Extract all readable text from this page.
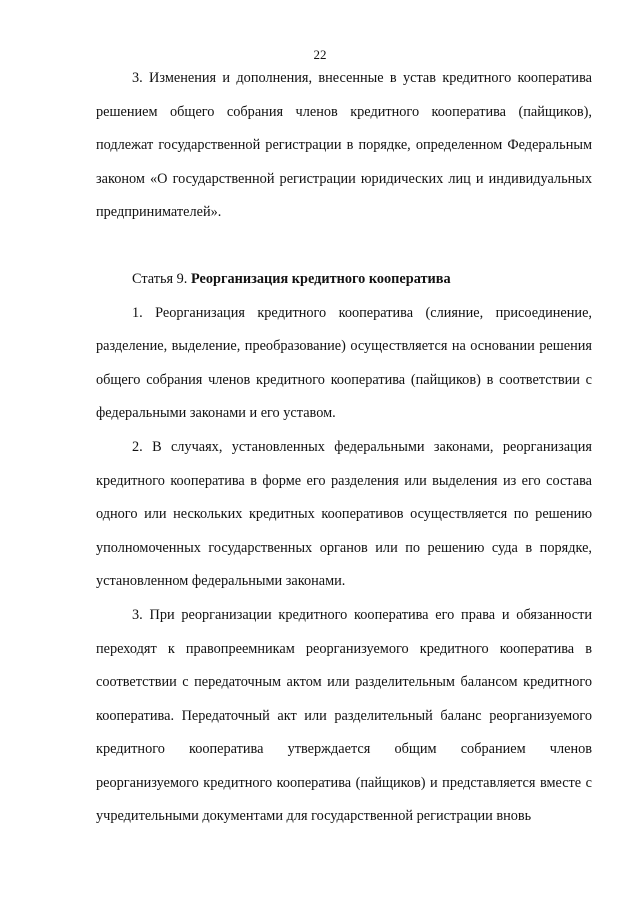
22

3. Изменения и дополнения, внесенные в устав кредитного кооператива решением общего собрания членов кредитного кооператива (пайщиков), подлежат государственной регистрации в порядке, определенном Федеральным законом «О государственной регистрации юридических лиц и индивидуальных предпринимателей».

Статья 9. Реорганизация кредитного кооператива

1. Реорганизация кредитного кооператива (слияние, присоединение, разделение, выделение, преобразование) осуществляется на основании решения общего собрания членов кредитного кооператива (пайщиков) в соответствии с федеральными законами и его уставом.

2. В случаях, установленных федеральными законами, реорганизация кредитного кооператива в форме его разделения или выделения из его состава одного или нескольких кредитных кооперативов осуществляется по решению уполномоченных государственных органов или по решению суда в порядке, установленном федеральными законами.

3. При реорганизации кредитного кооператива его права и обязанности переходят к правопреемникам реорганизуемого кредитного кооператива в соответствии с передаточным актом или разделительным балансом кредитного кооператива. Передаточный акт или разделительный баланс реорганизуемого кредитного кооператива утверждается общим собранием членов реорганизуемого кредитного кооператива (пайщиков) и представляется вместе с учредительными документами для государственной регистрации вновь
